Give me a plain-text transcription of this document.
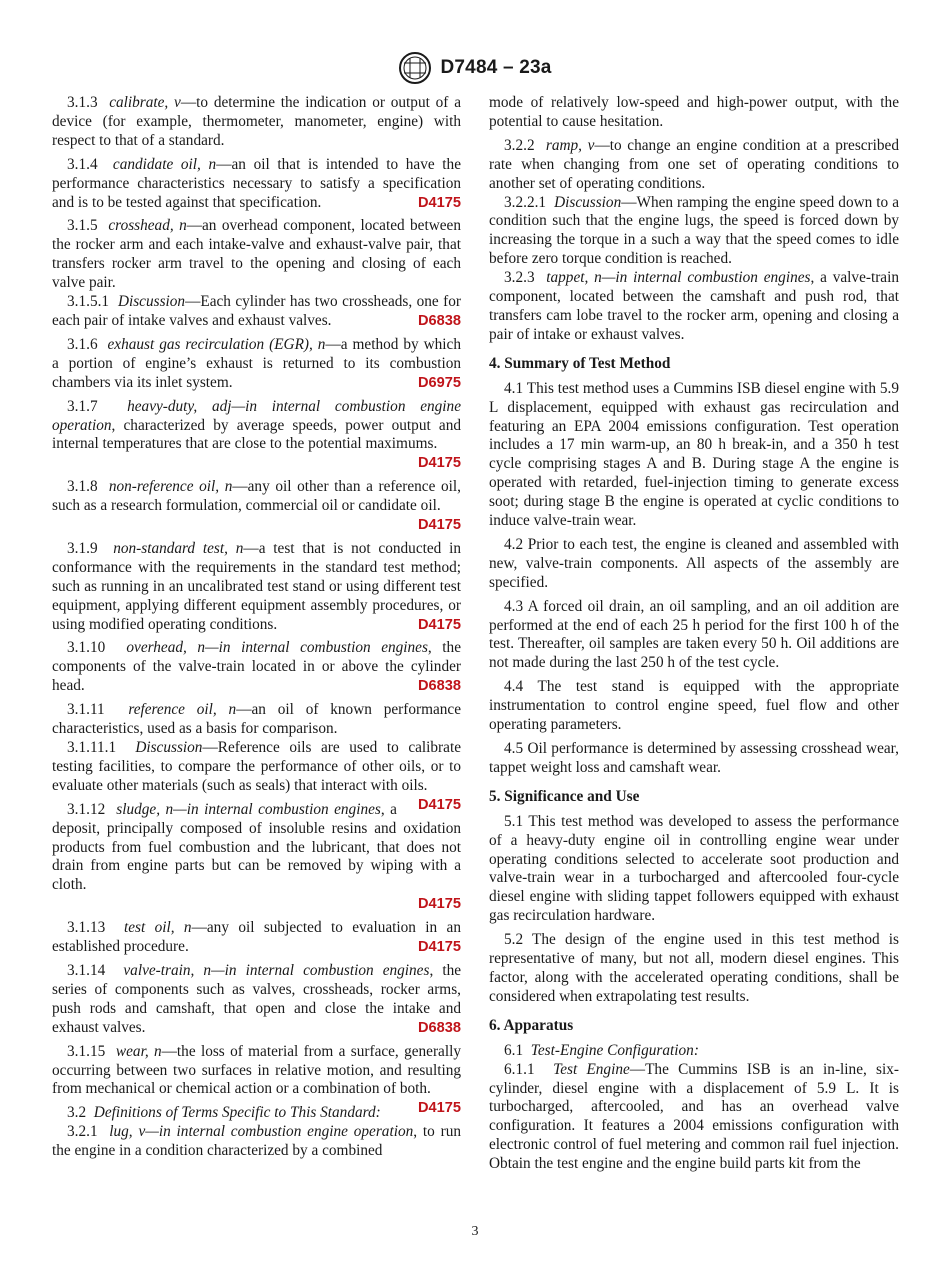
D7484 – 23a

3.1.3 calibrate, v—to determine the indication or output of a device (for example, thermometer, manometer, engine) with respect to that of a standard.

3.1.4 candidate oil, n—an oil that is intended to have the performance characteristics necessary to satisfy a specification and is to be tested against that specification.	D4175

3.1.5 crosshead, n—an overhead component, located between the rocker arm and each intake-valve and exhaust-valve pair, that transfers rocker arm travel to the opening and closing of each valve pair.

3.1.5.1 Discussion—Each cylinder has two crossheads, one for each pair of intake valves and exhaust valves.	D6838

3.1.6 exhaust gas recirculation (EGR), n—a method by which a portion of engine’s exhaust is returned to its combustion chambers via its inlet system.	D6975

3.1.7 heavy-duty, adj—in internal combustion engine operation, characterized by average speeds, power output and internal temperatures that are close to the potential maximums.

D4175

3.1.8 non-reference oil, n—any oil other than a reference oil, such as a research formulation, commercial oil or candidate oil.

D4175

3.1.9 non-standard test, n—a test that is not conducted in conformance with the requirements in the standard test method; such as running in an uncalibrated test stand or using different test equipment, applying different equipment assembly procedures, or using modified operating conditions.	D4175

3.1.10 overhead, n—in internal combustion engines, the components of the valve-train located in or above the cylinder head.	D6838

3.1.11 reference oil, n—an oil of known performance characteristics, used as a basis for comparison.

3.1.11.1 Discussion—Reference oils are used to calibrate testing facilities, to compare the performance of other oils, or to evaluate other materials (such as seals) that interact with oils.
D4175

3.1.12 sludge, n—in internal combustion engines, a deposit, principally composed of insoluble resins and oxidation products from fuel combustion and the lubricant, that does not drain from engine parts but can be removed by wiping with a cloth.

D4175

3.1.13 test oil, n—any oil subjected to evaluation in an established procedure.	D4175

3.1.14 valve-train, n—in internal combustion engines, the series of components such as valves, crossheads, rocker arms, push rods and camshaft, that open and close the intake and exhaust valves.	D6838

3.1.15 wear, n—the loss of material from a surface, generally occurring between two surfaces in relative motion, and resulting from mechanical or chemical action or a combination of both.
D4175

3.2 Definitions of Terms Specific to This Standard:

3.2.1 lug, v—in internal combustion engine operation, to run the engine in a condition characterized by a combined

mode of relatively low-speed and high-power output, with the potential to cause hesitation.

3.2.2 ramp, v—to change an engine condition at a prescribed rate when changing from one set of operating conditions to another set of operating conditions.

3.2.2.1 Discussion—When ramping the engine speed down to a condition such that the engine lugs, the speed is forced down by increasing the torque in a such a way that the speed comes to idle before zero torque condition is reached.

3.2.3 tappet, n—in internal combustion engines, a valve-train component, located between the camshaft and push rod, that transfers cam lobe travel to the rocker arm, opening and closing a pair of intake or exhaust valves.

4. Summary of Test Method

4.1 This test method uses a Cummins ISB diesel engine with 5.9 L displacement, equipped with exhaust gas recirculation and featuring an EPA 2004 emissions configuration. Test operation includes a 17 min warm-up, an 80 h break-in, and a 350 h test cycle comprising stages A and B. During stage A the engine is operated with retarded, fuel-injection timing to generate excess soot; during stage B the engine is operated at cyclic conditions to induce valve-train wear.

4.2 Prior to each test, the engine is cleaned and assembled with new, valve-train components. All aspects of the assembly are specified.

4.3 A forced oil drain, an oil sampling, and an oil addition are performed at the end of each 25 h period for the first 100 h of the test. Thereafter, oil samples are taken every 50 h. Oil additions are not made during the last 250 h of the test cycle.

4.4 The test stand is equipped with the appropriate instrumentation to control engine speed, fuel flow and other operating parameters.

4.5 Oil performance is determined by assessing crosshead wear, tappet weight loss and camshaft wear.

5. Significance and Use

5.1 This test method was developed to assess the performance of a heavy-duty engine oil in controlling engine wear under operating conditions selected to accelerate soot production and valve-train wear in a turbocharged and aftercooled four-cycle diesel engine with sliding tappet followers equipped with exhaust gas recirculation hardware.

5.2 The design of the engine used in this test method is representative of many, but not all, modern diesel engines. This factor, along with the accelerated operating conditions, shall be considered when extrapolating test results.

6. Apparatus

6.1 Test-Engine Configuration:

6.1.1 Test Engine—The Cummins ISB is an in-line, six-cylinder, diesel engine with a displacement of 5.9 L. It is turbocharged, aftercooled, and has an overhead valve configuration. It features a 2004 emissions configuration with electronic control of fuel metering and common rail fuel injection. Obtain the test engine and the engine build parts kit from the

3
